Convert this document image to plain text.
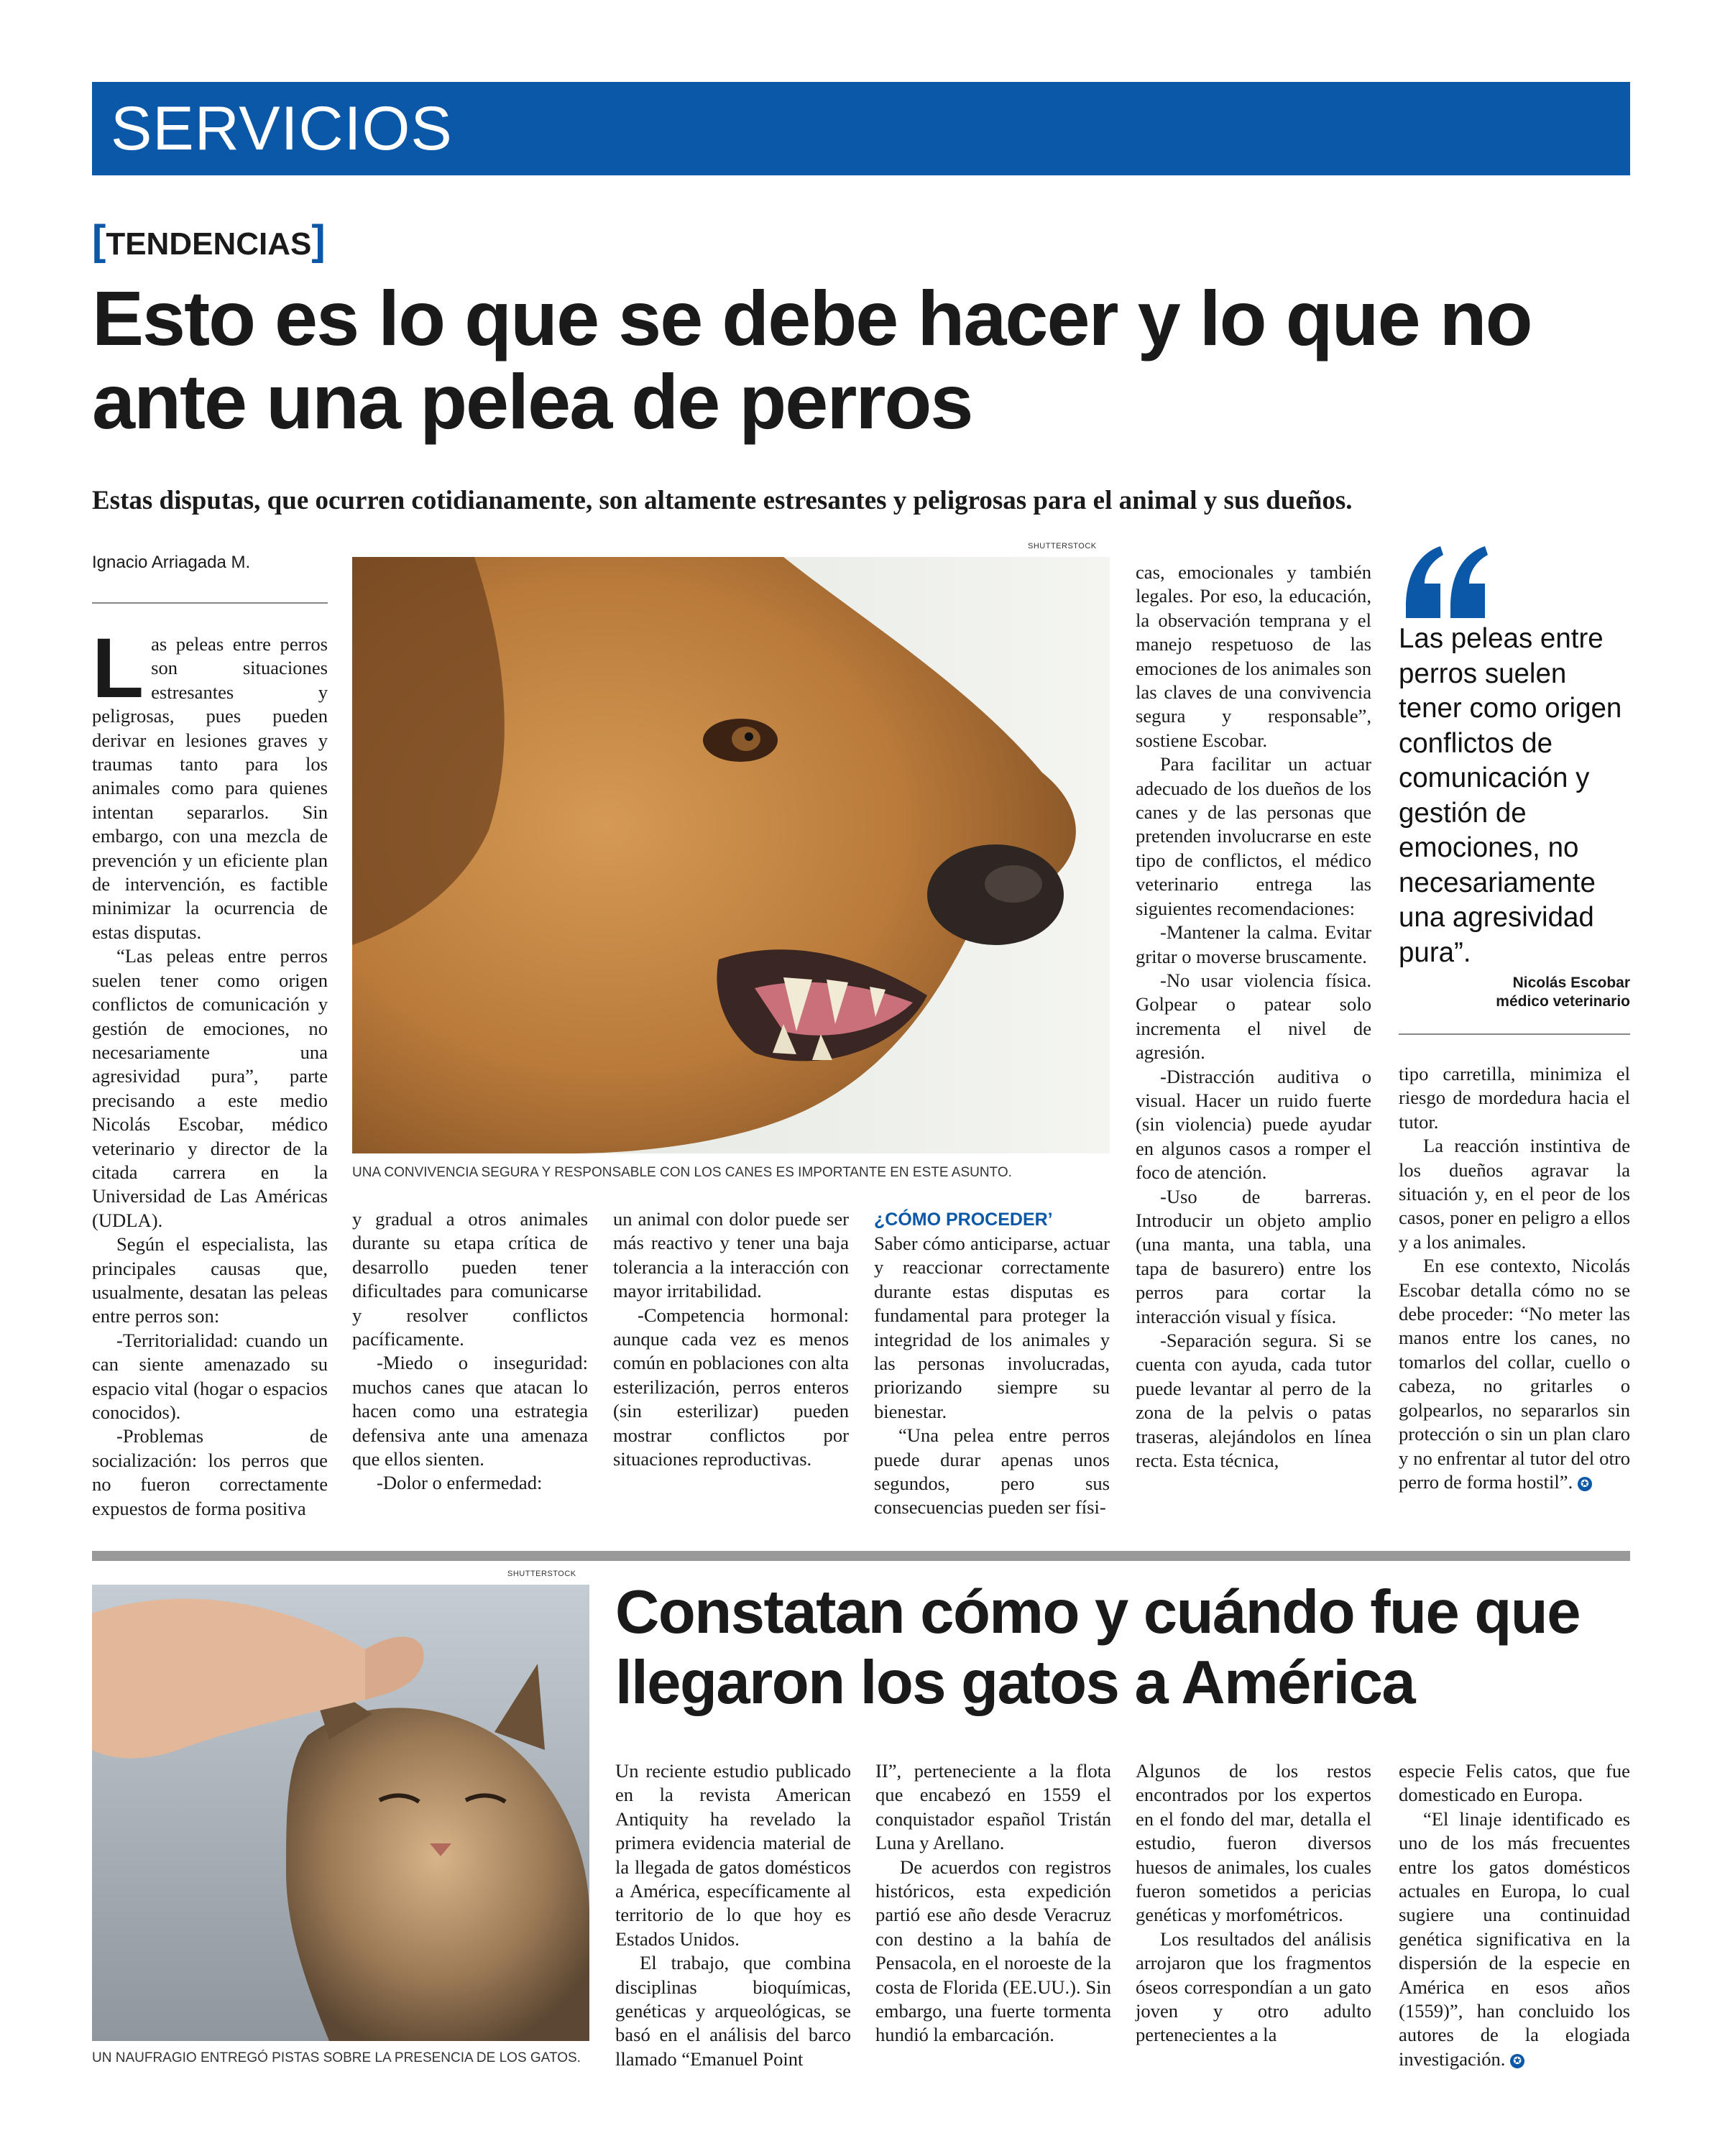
SERVICIOS
[TENDENCIAS]
Esto es lo que se debe hacer y lo que no ante una pelea de perros

Estas disputas, que ocurren cotidianamente, son altamente estresantes y peligrosas para el animal y sus dueños.

Ignacio Arriagada M.

Las peleas entre perros son situaciones estresantes y peligrosas, pues pueden derivar en lesiones graves y traumas tanto para los animales como para quienes intentan separarlos. Sin embargo, con una mezcla de prevención y un eficiente plan de intervención, es factible minimizar la ocurrencia de estas disputas.

“Las peleas entre perros suelen tener como origen conflictos de comunicación y gestión de emociones, no necesariamente una agresividad pura”, parte precisando a este medio Nicolás Escobar, médico veterinario y director de la citada carrera en la Universidad de Las Américas (UDLA).

Según el especialista, las principales causas que, usualmente, desatan las peleas entre perros son:

-Territorialidad: cuando un can siente amenazado su espacio vital (hogar o espacios conocidos).

-Problemas de socialización: los perros que no fueron correctamente expuestos de forma positiva

SHUTTERSTOCK
UNA CONVIVENCIA SEGURA Y RESPONSABLE CON LOS CANES ES IMPORTANTE EN ESTE ASUNTO.

y gradual a otros animales durante su etapa crítica de desarrollo pueden tener dificultades para comunicarse y resolver conflictos pacíficamente.

-Miedo o inseguridad: muchos canes que atacan lo hacen como una estrategia defensiva ante una amenaza que ellos sienten.

-Dolor o enfermedad:

un animal con dolor puede ser más reactivo y tener una baja tolerancia a la interacción con mayor irritabilidad.

-Competencia hormonal: aunque cada vez es menos común en poblaciones con alta esterilización, perros enteros (sin esterilizar) pueden mostrar conflictos por situaciones reproductivas.

¿CÓMO PROCEDER’

Saber cómo anticiparse, actuar y reaccionar correctamente durante estas disputas es fundamental para proteger la integridad de los animales y las personas involucradas, priorizando siempre su bienestar.

“Una pelea entre perros puede durar apenas unos segundos, pero sus consecuencias pueden ser físi-

cas, emocionales y también legales. Por eso, la educación, la observación temprana y el manejo respetuoso de las emociones de los animales son las claves de una convivencia segura y responsable”, sostiene Escobar.

Para facilitar un actuar adecuado de los dueños de los canes y de las personas que pretenden involucrarse en este tipo de conflictos, el médico veterinario entrega las siguientes recomendaciones:

-Mantener la calma. Evitar gritar o moverse bruscamente.

-No usar violencia física. Golpear o patear solo incrementa el nivel de agresión.

-Distracción auditiva o visual. Hacer un ruido fuerte (sin violencia) puede ayudar en algunos casos a romper el foco de atención.

-Uso de barreras. Introducir un objeto amplio (una manta, una tabla, una tapa de basurero) entre los perros para cortar la interacción visual y física.

-Separación segura. Si se cuenta con ayuda, cada tutor puede levantar al perro de la zona de la pelvis o patas traseras, alejándolos en línea recta. Esta técnica,

Las peleas entre perros suelen tener como origen conflictos de comunicación y gestión de emociones, no necesariamente una agresividad pura”.

Nicolás Escobar
médico veterinario

tipo carretilla, minimiza el riesgo de mordedura hacia el tutor.

La reacción instintiva de los dueños agravar la situación y, en el peor de los casos, poner en peligro a ellos y a los animales.

En ese contexto, Nicolás Escobar detalla cómo no se debe proceder: “No meter las manos entre los canes, no tomarlos del collar, cuello o cabeza, no gritarles o golpearlos, no separarlos sin protección o sin un plan claro y no enfrentar al tutor del otro perro de forma hostil”. ✪

SHUTTERSTOCK
UN NAUFRAGIO ENTREGÓ PISTAS SOBRE LA PRESENCIA DE LOS GATOS.
Constatan cómo y cuándo fue que llegaron los gatos a América

Un reciente estudio publicado en la revista American Antiquity ha revelado la primera evidencia material de la llegada de gatos domésticos a América, específicamente al territorio de lo que hoy es Estados Unidos.

El trabajo, que combina disciplinas bioquímicas, genéticas y arqueológicas, se basó en el análisis del barco llamado “Emanuel Point

II”, perteneciente a la flota que encabezó en 1559 el conquistador español Tristán Luna y Arellano.

De acuerdos con registros históricos, esta expedición partió ese año desde Veracruz con destino a la bahía de Pensacola, en el noroeste de la costa de Florida (EE.UU.). Sin embargo, una fuerte tormenta hundió la embarcación.

Algunos de los restos encontrados por los expertos en el fondo del mar, detalla el estudio, fueron diversos huesos de animales, los cuales fueron sometidos a pericias genéticas y morfométricos.

Los resultados del análisis arrojaron que los fragmentos óseos correspondían a un gato joven y otro adulto pertenecientes a la

especie Felis catos, que fue domesticado en Europa.

“El linaje identificado es uno de los más frecuentes entre los gatos domésticos actuales en Europa, lo cual sugiere una continuidad genética significativa en la dispersión de la especie en América en esos años (1559)”, han concluido los autores de la elogiada investigación. ✪
